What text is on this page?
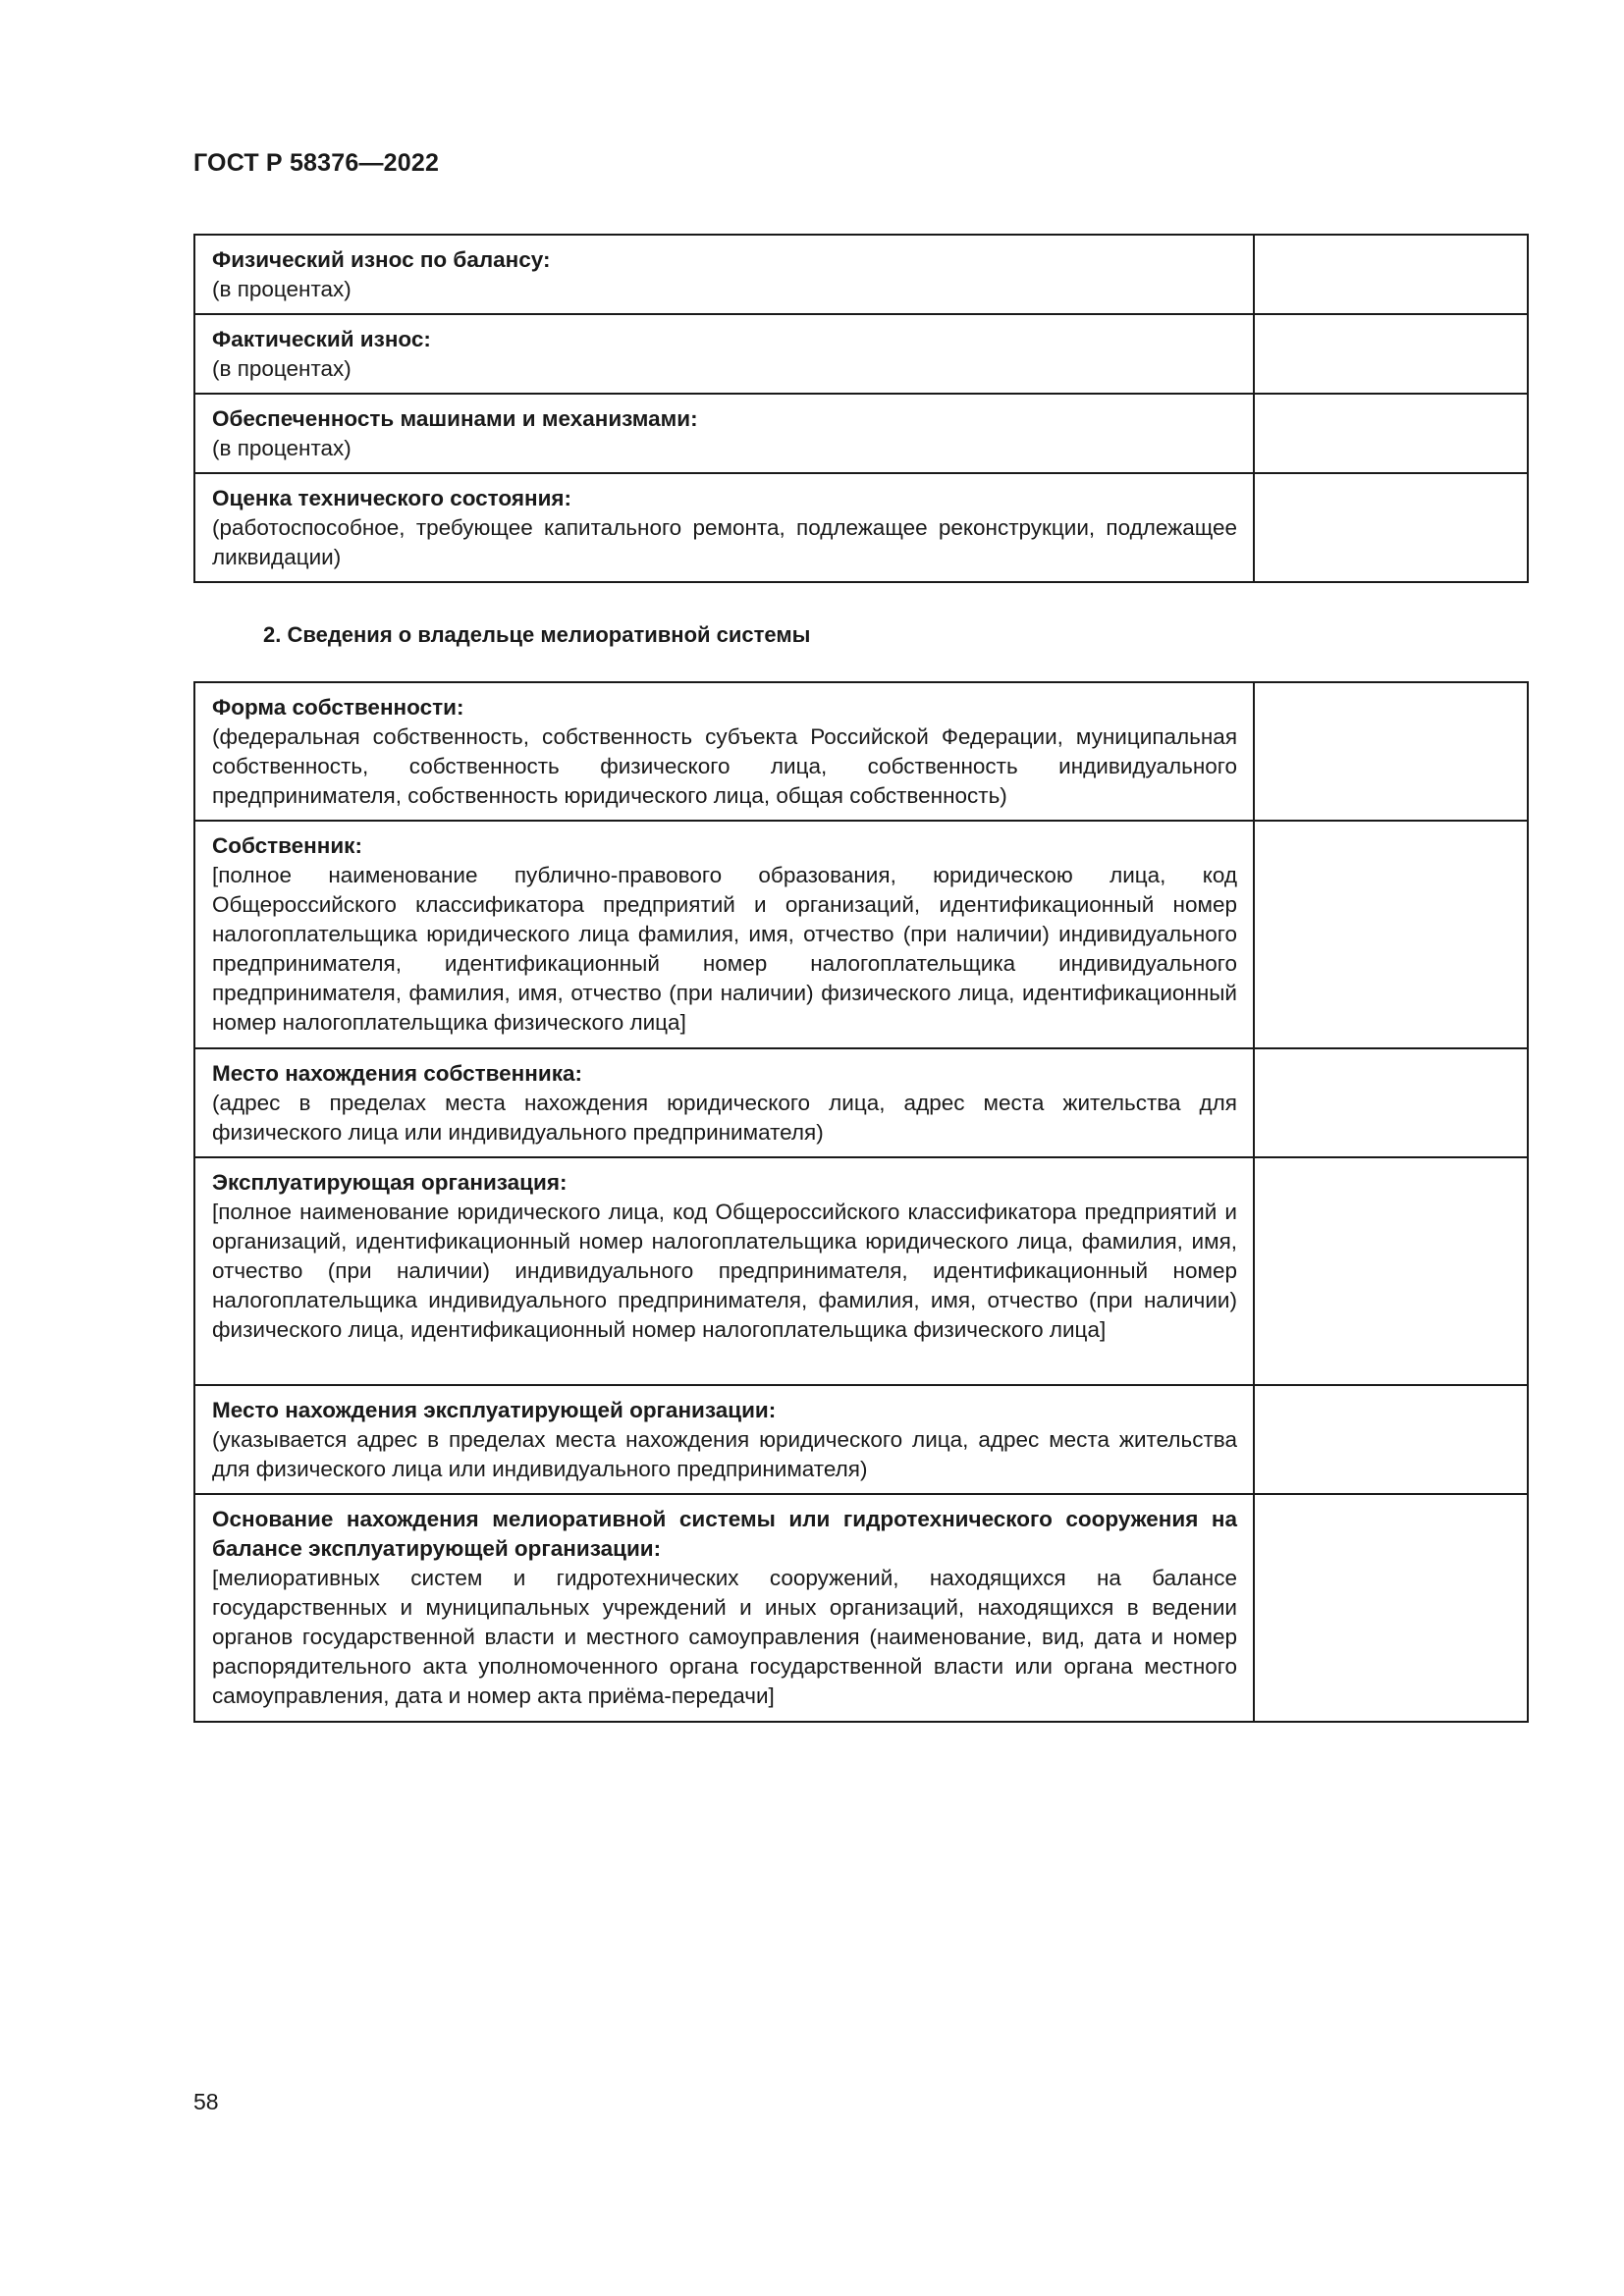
ГОСТ Р 58376—2022
Физический износ по балансу:
(в процентах)	

Фактический износ:
(в процентах)	

Обеспеченность машинами и механизмами:
(в процентах)	

Оценка технического состояния:
(работоспособное, требующее капитального ремонта, подлежащее реконструкции, подлежащее ликвидации)	

2. Сведения о владельце мелиоративной системы
Форма собственности:
(федеральная собственность, собственность субъекта Российской Федерации, муниципальная собственность, собственность физического лица, собственность индивидуального предпринимателя, собственность юридического лица, общая собственность)	

Собственник:
[полное наименование публично-правового образования, юридическою лица, код Общероссийского классификатора предприятий и организаций, идентификационный номер налогоплательщика юридического лица фамилия, имя, отчество (при наличии) индивидуального предпринимателя, идентификационный номер налогоплательщика индивидуального предпринимателя, фамилия, имя, отчество (при наличии) физического лица, идентификационный номер налогоплательщика физического лица]	

Место нахождения собственника:
(адрес в пределах места нахождения юридического лица, адрес места жительства для физического лица или индивидуального предпринимателя)	

Эксплуатирующая организация:
[полное наименование юридического лица, код Общероссийского классификатора предприятий и организаций, идентификационный номер налогоплательщика юридического лица, фамилия, имя, отчество (при наличии) индивидуального предпринимателя, идентификационный номер налогоплательщика индивидуального предпринимателя, фамилия, имя, отчество (при наличии) физического лица, идентификационный номер налогоплательщика физического лица]	

Место нахождения эксплуатирующей организации:
(указывается адрес в пределах места нахождения юридического лица, адрес места жительства для физического лица или индивидуального предпринимателя)	

Основание нахождения мелиоративной системы или гидротехнического сооружения на балансе эксплуатирующей организации:
[мелиоративных систем и гидротехнических сооружений, находящихся на балансе государственных и муниципальных учреждений и иных организаций, находящихся в ведении органов государственной власти и местного самоуправления (наименование, вид, дата и номер распорядительного акта уполномоченного органа государственной власти или органа местного самоуправления, дата и номер акта приёма-передачи]	

58
